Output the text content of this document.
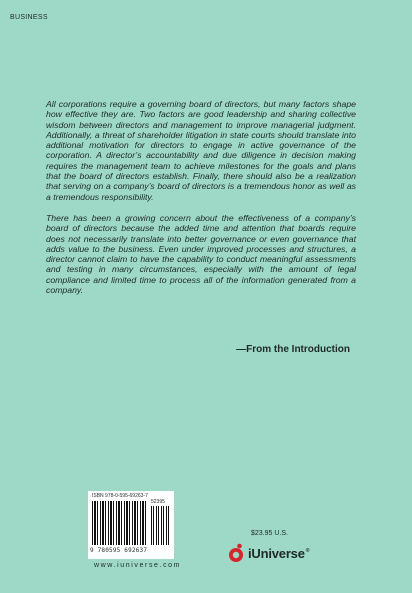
BUSINESS

All corporations require a governing board of directors, but many factors shape how effective they are. Two factors are good leadership and sharing collective wisdom between directors and management to improve managerial judgment. Additionally, a threat of shareholder litigation in state courts should translate into additional motivation for directors to engage in active governance of the corporation. A director’s accountability and due diligence in decision making requires the management team to achieve milestones for the goals and plans that the board of directors establish. Finally, there should also be a realization that serving on a company’s board of directors is a tremendous honor as well as a tremendous responsibility.

There has been a growing concern about the effectiveness of a company’s board of directors because the added time and attention that boards require does not necessarily translate into better governance or even governance that adds value to the business. Even under improved processes and structures, a director cannot claim to have the capability to conduct meaningful assessments and testing in many circumstances, especially with the amount of legal compliance and limited time to process all of the information generated from a company.

—From the Introduction
ISBN 978-0-595-69263-7
52395
9 780595 692637
www.iuniverse.com
$23.95 U.S.
iUniverse®
